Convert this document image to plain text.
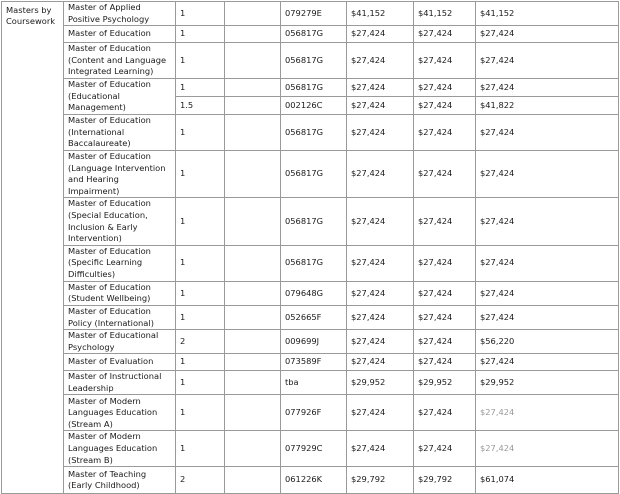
Masters by
Coursework	Master of Applied
Positive Psychology	1		079279E	$41,152	$41,152	$41,152

	Master of Education	1		056817G	$27,424	$27,424	$27,424

	Master of Education
(Content and Language
Integrated Learning)	1		056817G	$27,424	$27,424	$27,424

	Master of Education
(Educational
Management)	1		056817G	$27,424	$27,424	$27,424
		1.5		002126C	$27,424	$27,424	$41,822

	Master of Education
(International
Baccalaureate)	1		056817G	$27,424	$27,424	$27,424

	Master of Education
(Language Intervention
and Hearing
Impairment)	1		056817G	$27,424	$27,424	$27,424

	Master of Education
(Special Education,
Inclusion & Early
Intervention)	1		056817G	$27,424	$27,424	$27,424

	Master of Education
(Specific Learning
Difficulties)	1		056817G	$27,424	$27,424	$27,424

	Master of Education
(Student Wellbeing)	1		079648G	$27,424	$27,424	$27,424

	Master of Education
Policy (International)	1		052665F	$27,424	$27,424	$27,424

	Master of Educational
Psychology	2		009699J	$27,424	$27,424	$56,220

	Master of Evaluation	1		073589F	$27,424	$27,424	$27,424

	Master of Instructional
Leadership	1		tba	$29,952	$29,952	$29,952

	Master of Modern
Languages Education
(Stream A)	1		077926F	$27,424	$27,424	$27,424

	Master of Modern
Languages Education
(Stream B)	1		077929C	$27,424	$27,424	$27,424

	Master of Teaching
(Early Childhood)	2		061226K	$29,792	$29,792	$61,074
